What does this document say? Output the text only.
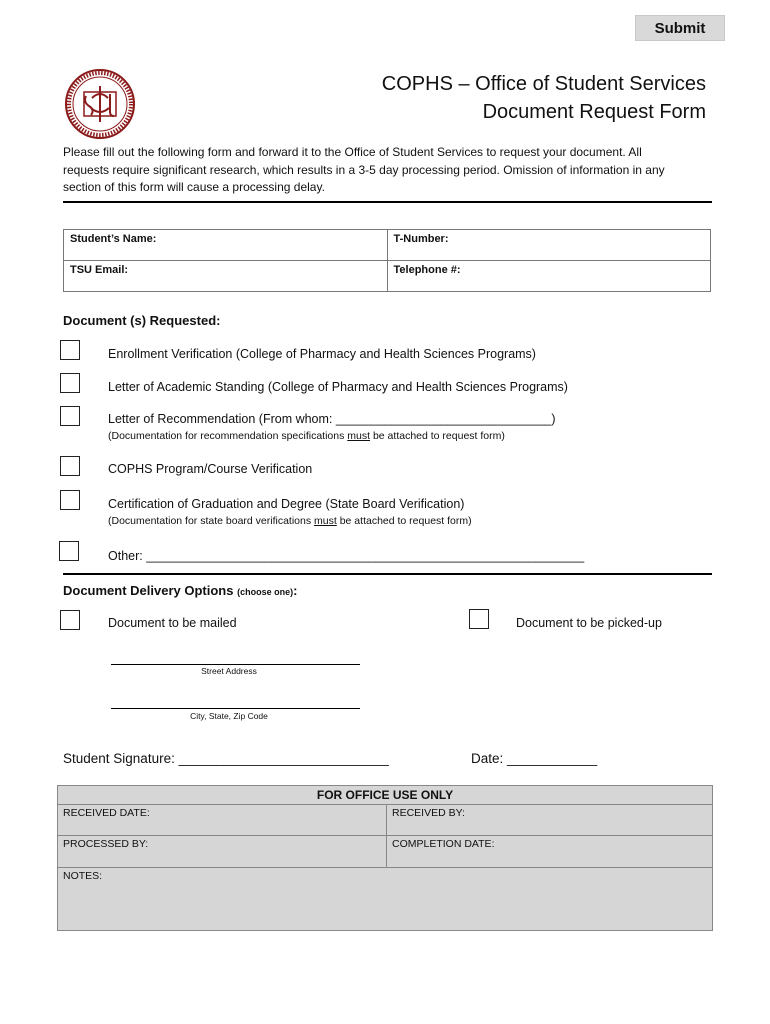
Submit
COPHS – Office of Student Services
Document Request Form
Please fill out the following form and forward it to the Office of Student Services to request your document. All
requests require significant research, which results in a 3-5 day processing period. Omission of information in any
section of this form will cause a processing delay.
Student’s Name:	T-Number:
TSU Email:	Telephone #:
Document (s) Requested:
Enrollment Verification (College of Pharmacy and Health Sciences Programs)
Letter of Academic Standing (College of Pharmacy and Health Sciences Programs)
Letter of Recommendation (From whom: _______________________________)
(Documentation for recommendation specifications must be attached to request form)
COPHS Program/Course Verification
Certification of Graduation and Degree (State Board Verification)
(Documentation for state board verifications must be attached to request form)
Other: _______________________________________________________________
Document Delivery Options (choose one):
Document to be mailed	Document to be picked-up
Street Address
City, State, Zip Code
Student Signature: ____________________________	Date: ____________
FOR OFFICE USE ONLY	
RECEIVED DATE:	RECEIVED BY:
PROCESSED BY:	COMPLETION DATE:
NOTES:	
